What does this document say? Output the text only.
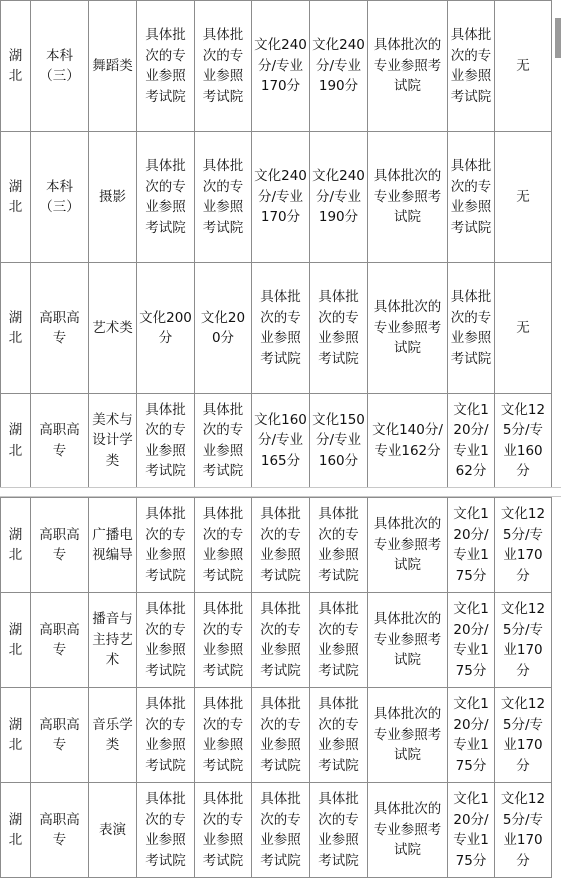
湖北	本科（三）	舞蹈类	具体批次的专业参照考试院	具体批次的专业参照考试院	文化240分/专业170分	文化240分/专业190分	具体批次的专业参照考试院	具体批次的专业参照考试院	无
湖北	本科（三）	摄影	具体批次的专业参照考试院	具体批次的专业参照考试院	文化240分/专业170分	文化240分/专业190分	具体批次的专业参照考试院	具体批次的专业参照考试院	无
湖北	高职高专	艺术类	文化200分	文化200分	具体批次的专业参照考试院	具体批次的专业参照考试院	具体批次的专业参照考试院	具体批次的专业参照考试院	无
湖北	高职高专	美术与设计学类	具体批次的专业参照考试院	具体批次的专业参照考试院	文化160分/专业165分	文化150分/专业160分	文化140分/专业162分	文化120分/专业162分	文化125分/专业160分
湖北	高职高专	广播电视编导	具体批次的专业参照考试院	具体批次的专业参照考试院	具体批次的专业参照考试院	具体批次的专业参照考试院	具体批次的专业参照考试院	文化120分/专业175分	文化125分/专业170分
湖北	高职高专	播音与主持艺术	具体批次的专业参照考试院	具体批次的专业参照考试院	具体批次的专业参照考试院	具体批次的专业参照考试院	具体批次的专业参照考试院	文化120分/专业175分	文化125分/专业170分
湖北	高职高专	音乐学类	具体批次的专业参照考试院	具体批次的专业参照考试院	具体批次的专业参照考试院	具体批次的专业参照考试院	具体批次的专业参照考试院	文化120分/专业175分	文化125分/专业170分
湖北	高职高专	表演	具体批次的专业参照考试院	具体批次的专业参照考试院	具体批次的专业参照考试院	具体批次的专业参照考试院	具体批次的专业参照考试院	文化120分/专业175分	文化125分/专业170分
